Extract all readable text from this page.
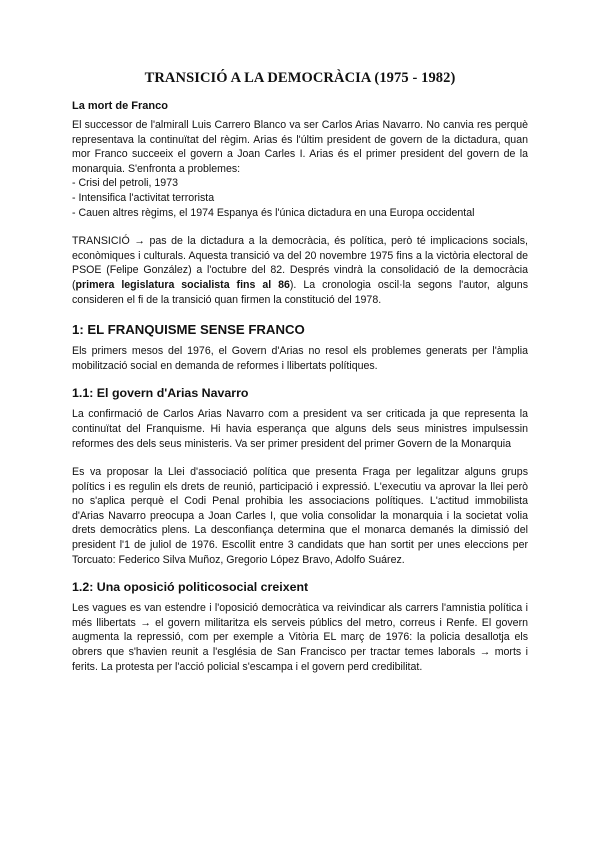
TRANSICIÓ A LA DEMOCRÀCIA (1975 - 1982)
La mort de Franco

El successor de l'almirall Luis Carrero Blanco va ser Carlos Arias Navarro. No canvia res perquè representava la continuïtat del règim. Arias és l'últim president de govern de la dictadura, quan mor Franco succeeix el govern a Joan Carles I. Arias és el primer president del govern de la monarquia. S'enfronta a problemes:

- Crisi del petroli, 1973
- Intensifica l'activitat terrorista
- Cauen altres règims, el 1974 Espanya és l'única dictadura en una Europa occidental

TRANSICIÓ → pas de la dictadura a la democràcia, és política, però té implicacions socials, econòmiques i culturals. Aquesta transició va del 20 novembre 1975 fins a la victòria electoral de PSOE (Felipe González) a l'octubre del 82. Després vindrà la consolidació de la democràcia (primera legislatura socialista fins al 86). La cronologia oscil·la segons l'autor, alguns consideren el fi de la transició quan firmen la constitució del 1978.

1: EL FRANQUISME SENSE FRANCO

Els primers mesos del 1976, el Govern d'Arias no resol els problemes generats per l'àmplia mobilització social en demanda de reformes i llibertats polítiques.

1.1: El govern d'Arias Navarro

La confirmació de Carlos Arias Navarro com a president va ser criticada ja que representa la continuïtat del Franquisme. Hi havia esperança que alguns dels seus ministres impulsessin reformes des dels seus ministeris. Va ser primer president del primer Govern de la Monarquia

Es va proposar la Llei d'associació política que presenta Fraga per legalitzar alguns grups polítics i es regulin els drets de reunió, participació i expressió. L'executiu va aprovar la llei però no s'aplica perquè el Codi Penal prohibia les associacions polítiques. L'actitud immobilista d'Arias Navarro preocupa a Joan Carles I, que volia consolidar la monarquia i la societat volia drets democràtics plens. La desconfiança determina que el monarca demanés la dimissió del president l'1 de juliol de 1976. Escollit entre 3 candidats que han sortit per unes eleccions per Torcuato: Federico Silva Muñoz, Gregorio López Bravo, Adolfo Suárez.

1.2: Una oposició politicosocial creixent

Les vagues es van estendre i l'oposició democràtica va reivindicar als carrers l'amnistia política i més llibertats → el govern militaritza els serveis públics del metro, correus i Renfe. El govern augmenta la repressió, com per exemple a Vitòria EL març de 1976: la policia desallotja els obrers que s'havien reunit a l'església de San Francisco per tractar temes laborals → morts i ferits. La protesta per l'acció policial s'escampa i el govern perd credibilitat.
